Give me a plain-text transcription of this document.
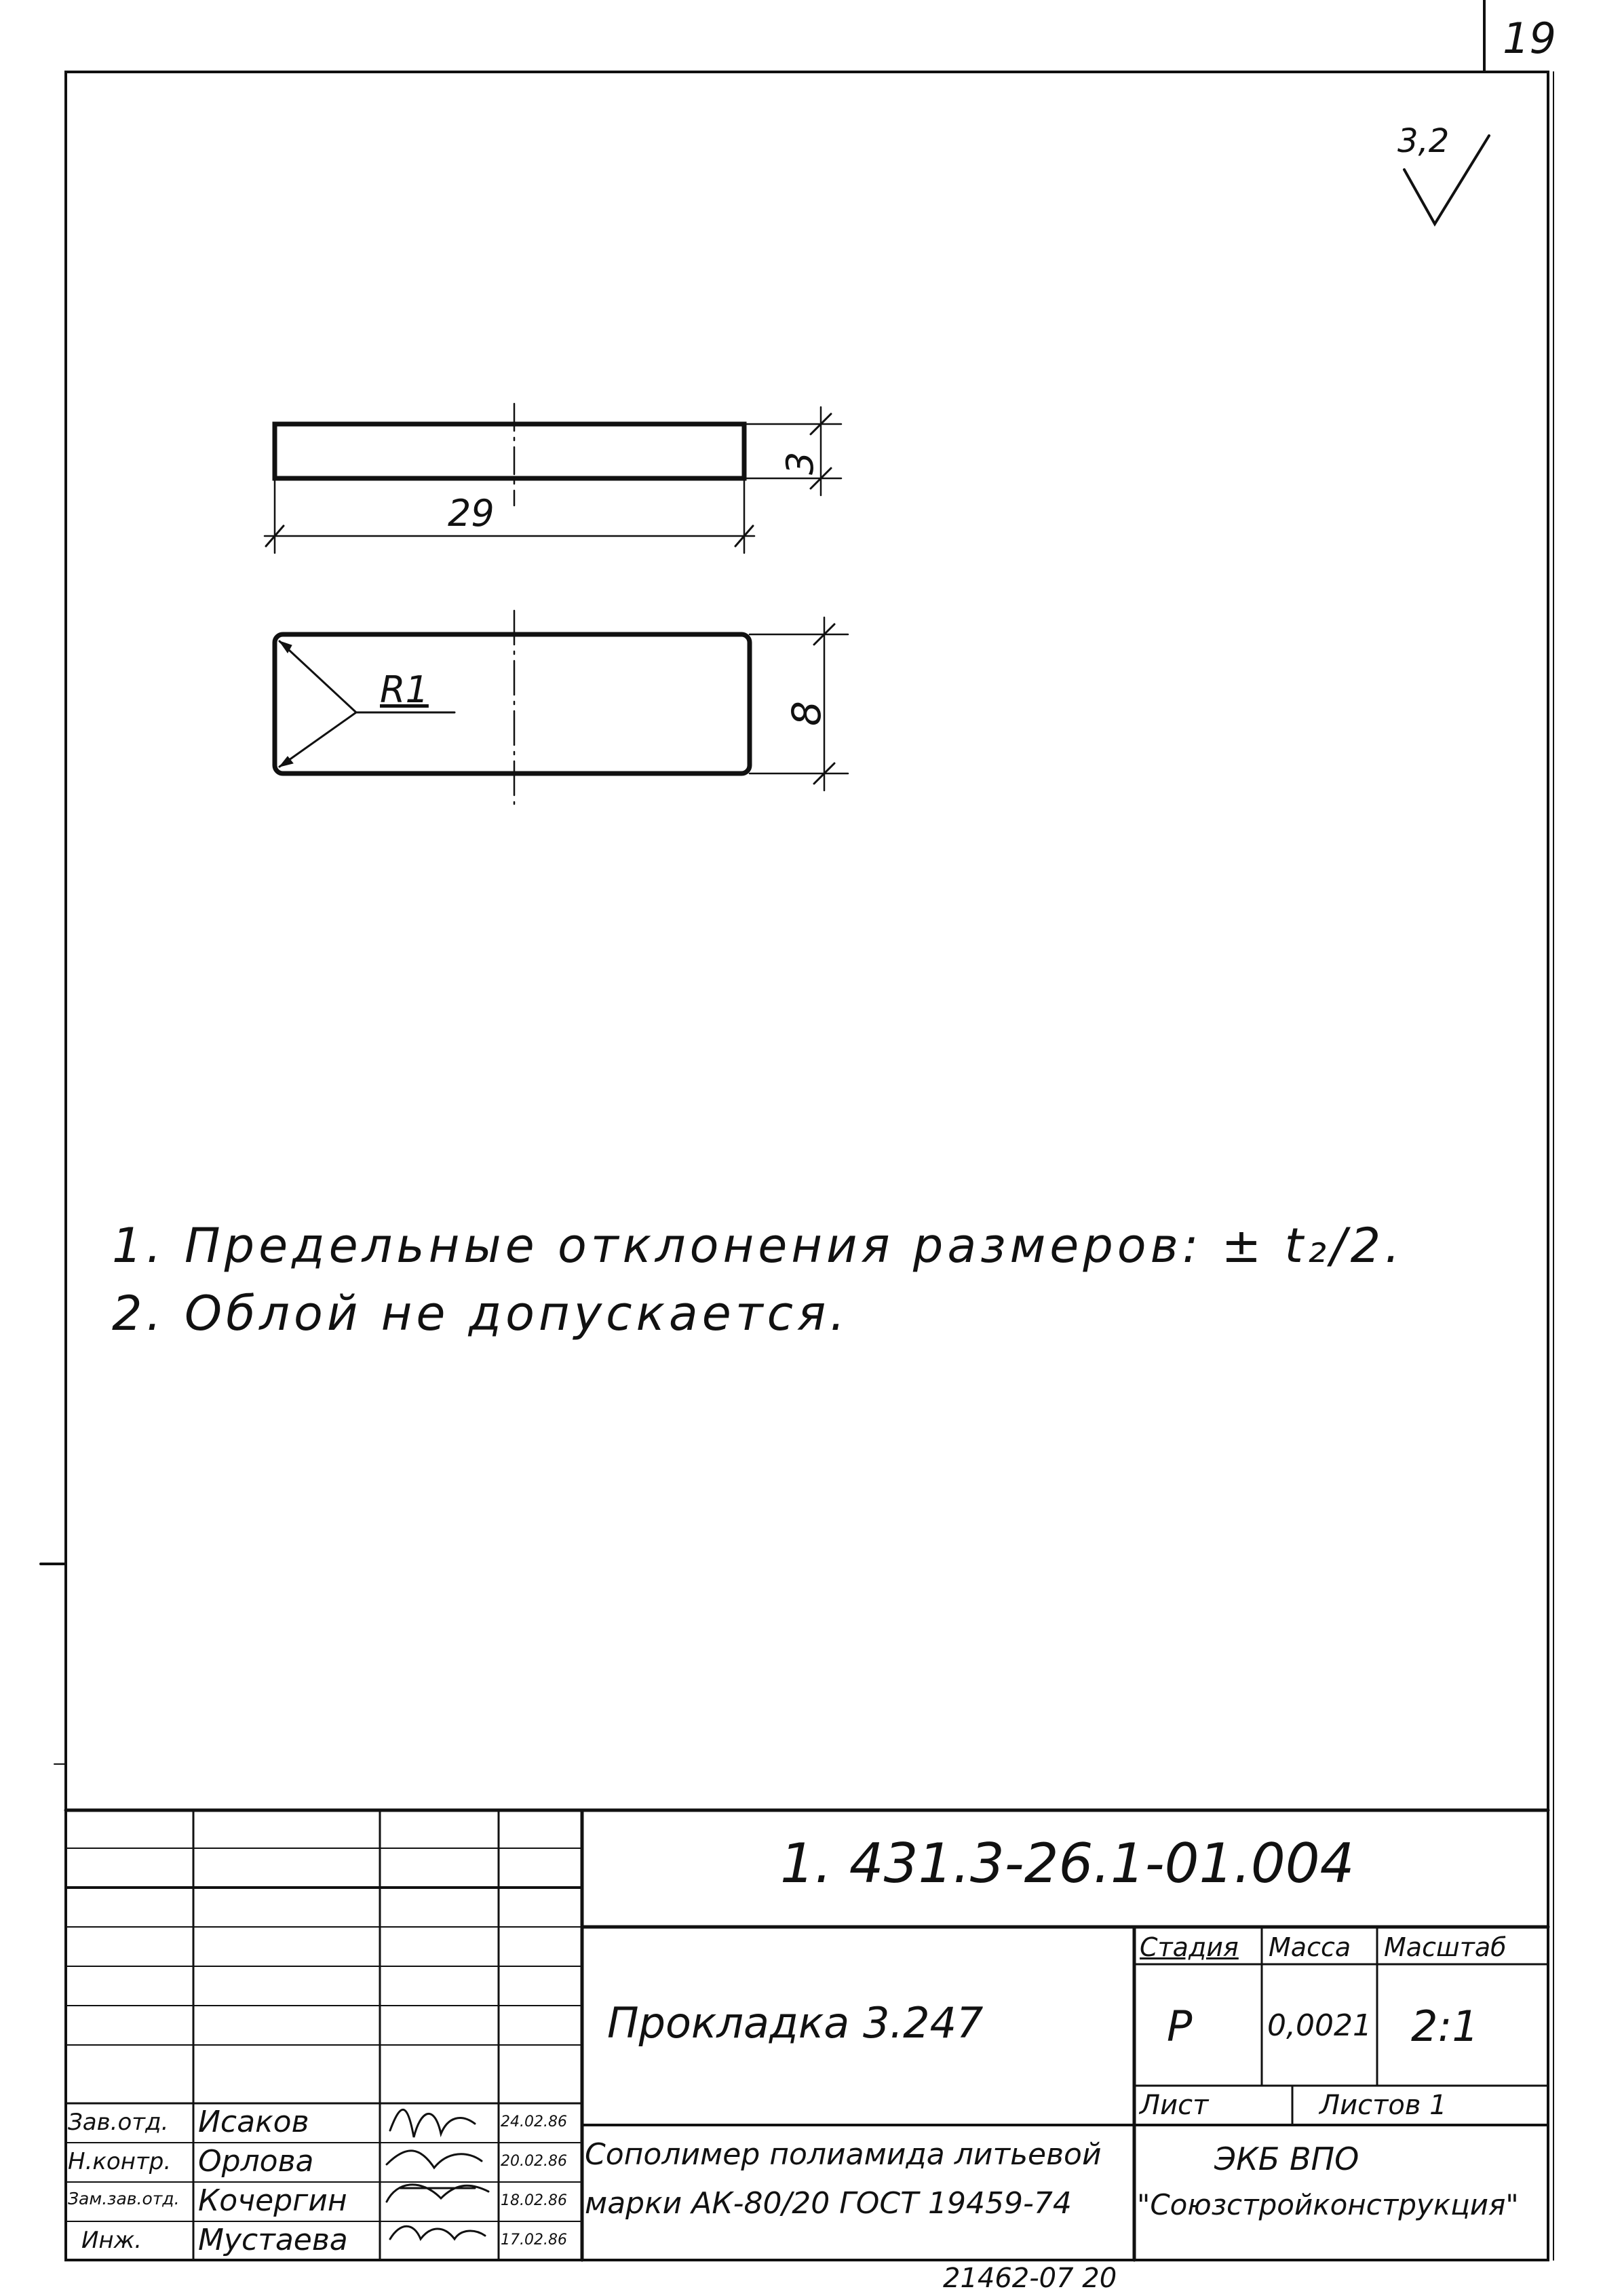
19
3,2
29
3
8
R1
1. Предельные отклонения размеров: ± t₂/2.
2. Облой не допускается.
1. 431.3-26.1-01.004
Прокладка 3.247
Сополимер полиамида литьевой
марки АК-80/20 ГОСТ 19459-74
Стадия Масса Масштаб
Р	0,0021 2:1
Лист	Листов 1
ЭКБ ВПО
"Союзстройконструкция"
Зав.отд. Исаков	24.02.86
Н.контр. Орлова	20.02.86
Зам.зав.отд. Кочергин	18.02.86
Инж. Мустаева	17.02.86
21462-07 20
